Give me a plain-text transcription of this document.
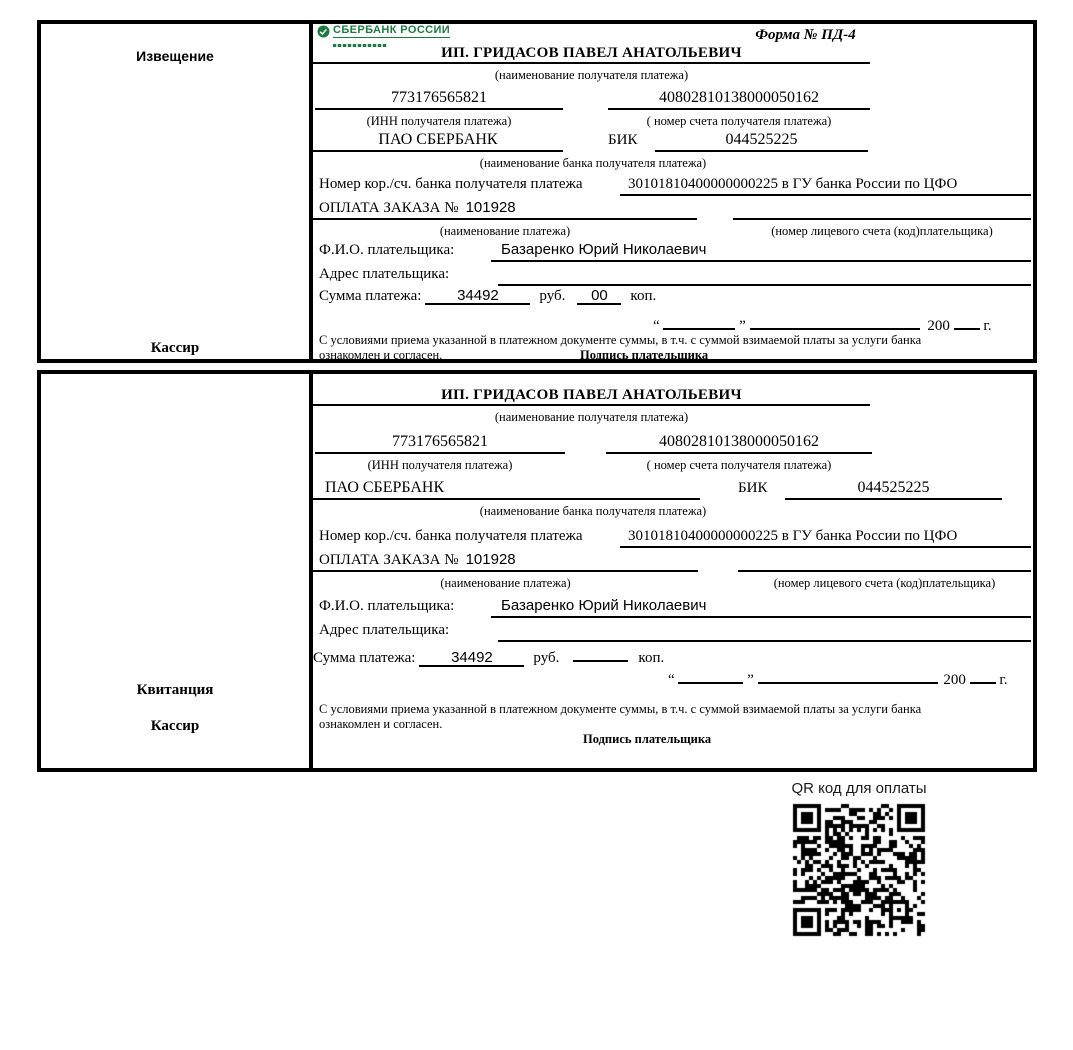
Извещение
Кассир
СБЕРБАНК РОССИИ	Форма № ПД-4
ИП. ГРИДАСОВ ПАВЕЛ АНАТОЛЬЕВИЧ
(наименование получателя платежа)
773176565821	40802810138000050162
(ИНН получателя платежа)	( номер счета получателя платежа)
ПАО СБЕРБАНК	БИК	044525225
(наименование банка получателя платежа)
Номер кор./сч. банка получателя платежа	30101810400000000225 в ГУ банка России по ЦФО
ОПЛАТА ЗАКАЗА № 101928
(наименование платежа)	(номер лицевого счета (код)плательщика)
Ф.И.О. плательщика:	Базаренко Юрий Николаевич
Адрес плательщика:
Сумма платежа: 34492	руб. 00 коп.
“	”	200 г.
С условиями приема указанной в платежном документе суммы, в т.ч. с суммой взимаемой платы за услуги банка
ознакомлен и согласен.	Подпись плательщика
Квитанция
Кассир
ИП. ГРИДАСОВ ПАВЕЛ АНАТОЛЬЕВИЧ
(наименование получателя платежа)
773176565821	40802810138000050162
(ИНН получателя платежа)	( номер счета получателя платежа)
ПАО СБЕРБАНК	БИК	044525225
(наименование банка получателя платежа)
Номер кор./сч. банка получателя платежа	30101810400000000225 в ГУ банка России по ЦФО
ОПЛАТА ЗАКАЗА № 101928
(наименование платежа)	(номер лицевого счета (код)плательщика)
Ф.И.О. плательщика:	Базаренко Юрий Николаевич
Адрес плательщика:
Сумма платежа: 34492	руб.	коп.
“	”	200 г.
С условиями приема указанной в платежном документе суммы, в т.ч. с суммой взимаемой платы за услуги банка
ознакомлен и согласен.
Подпись плательщика
QR код для оплаты
